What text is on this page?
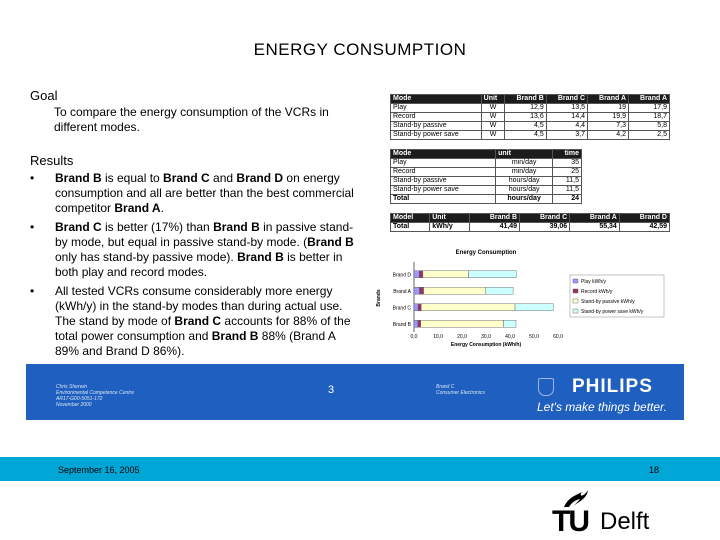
ENERGY CONSUMPTION
Goal
To compare the energy consumption of the VCRs in different modes.
Results
• Brand B is equal to Brand C and Brand D on energy consumption and all are better than the best commercial competitor Brand A.
• Brand C is better (17%) than Brand B in passive stand-by mode, but equal in passive stand-by mode. (Brand B only has stand-by passive mode). Brand B is better in both play and record modes.
• All tested VCRs consume considerably more energy (kWh/y) in the stand-by modes than during actual use. The stand by mode of Brand C accounts for 88% of the total power consumption and Brand B 88% (Brand A 89% and Brand D 86%).
Mode	Unit	Brand B	Brand C	Brand A	Brand A
Play	W	12,9	13,5	19	17,9
Record	W	13,6	14,4	19,9	18,7
Stand-by passive	W	4,5	4,4	7,3	5,8
Stand-by power save	W	4,5	3,7	4,2	2,5
Mode	unit	time
Play	min/day	35
Record	min/day	25
Stand-by passive	hours/day	11,5
Stand-by power save	hours/day	11,5
Total	hours/day	24
Model	Unit	Brand B	Brand C	Brand A	Brand D
Total	kWh/y	41,49	39,06	55,34	42,59
Energy Consumption
Brands
Brand D
Brand A
Brand C
Brand B
0,0	10,0	20,0	30,0	40,0	50,0	60,0
Energy Consumption (kWh/h)
Play kWh/y
Record kWh/y
Stand-by passive kWh/y
Stand-by power save kWh/y
Chris Sherwin
Environmental Competence Centre
AR17-G00-5051-172
November 2000
3	Brand C
Consumer Electronics	PHILIPS
Let's make things better.
September 16, 2005	18
TU Delft
